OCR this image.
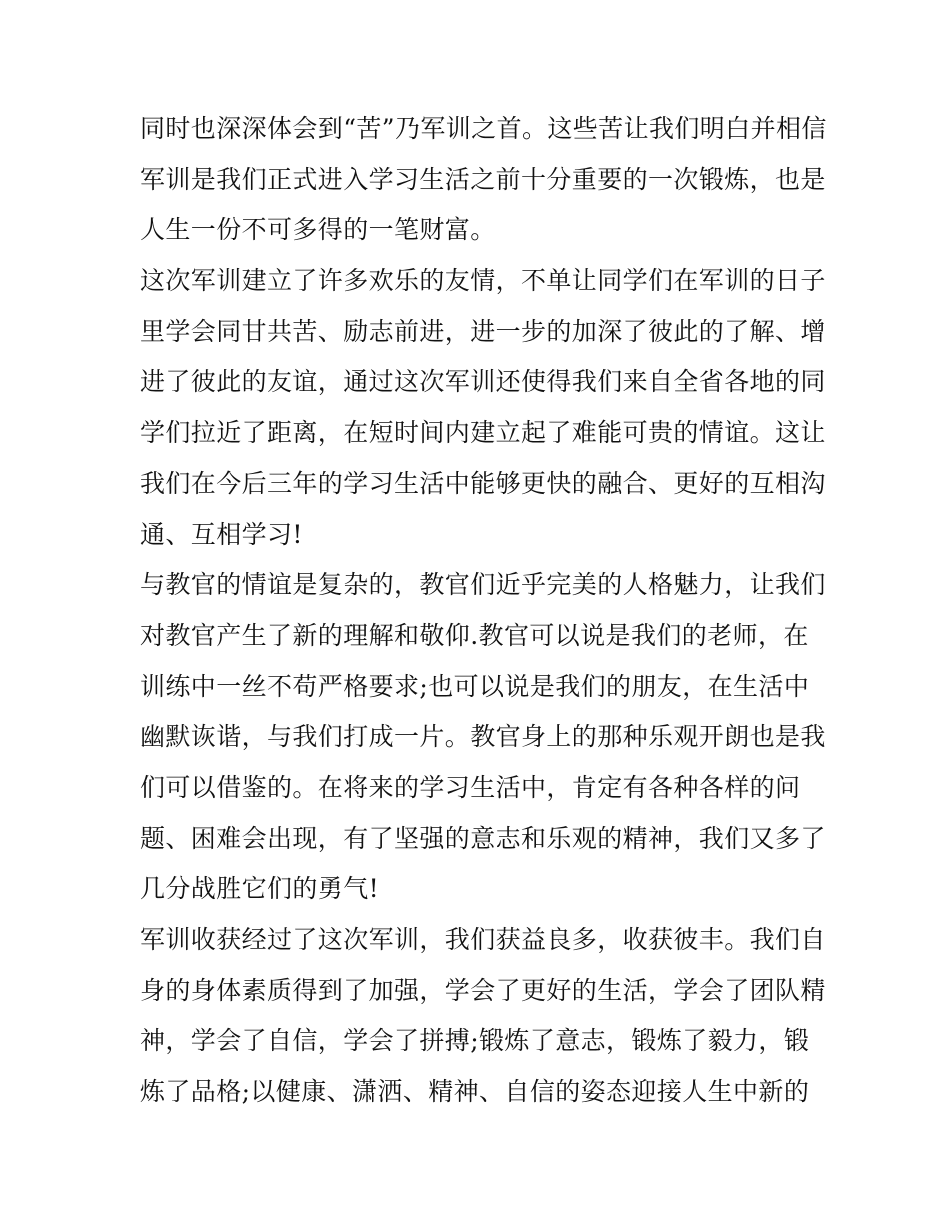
同时也深深体会到“苦”乃军训之首。这些苦让我们明白并相信
军训是我们正式进入学习生活之前十分重要的一次锻炼，也是
人生一份不可多得的一笔财富。
这次军训建立了许多欢乐的友情，不单让同学们在军训的日子
里学会同甘共苦、励志前进，进一步的加深了彼此的了解、增
进了彼此的友谊，通过这次军训还使得我们来自全省各地的同
学们拉近了距离，在短时间内建立起了难能可贵的情谊。这让
我们在今后三年的学习生活中能够更快的融合、更好的互相沟
通、互相学习!
与教官的情谊是复杂的，教官们近乎完美的人格魅力，让我们
对教官产生了新的理解和敬仰.教官可以说是我们的老师，在
训练中一丝不苟严格要求;也可以说是我们的朋友，在生活中
幽默诙谐，与我们打成一片。教官身上的那种乐观开朗也是我
们可以借鉴的。在将来的学习生活中，肯定有各种各样的问
题、困难会出现，有了坚强的意志和乐观的精神，我们又多了
几分战胜它们的勇气!
军训收获经过了这次军训，我们获益良多，收获彼丰。我们自
身的身体素质得到了加强，学会了更好的生活，学会了团队精
神，学会了自信，学会了拼搏;锻炼了意志，锻炼了毅力，锻
炼了品格;以健康、潇洒、精神、自信的姿态迎接人生中新的
